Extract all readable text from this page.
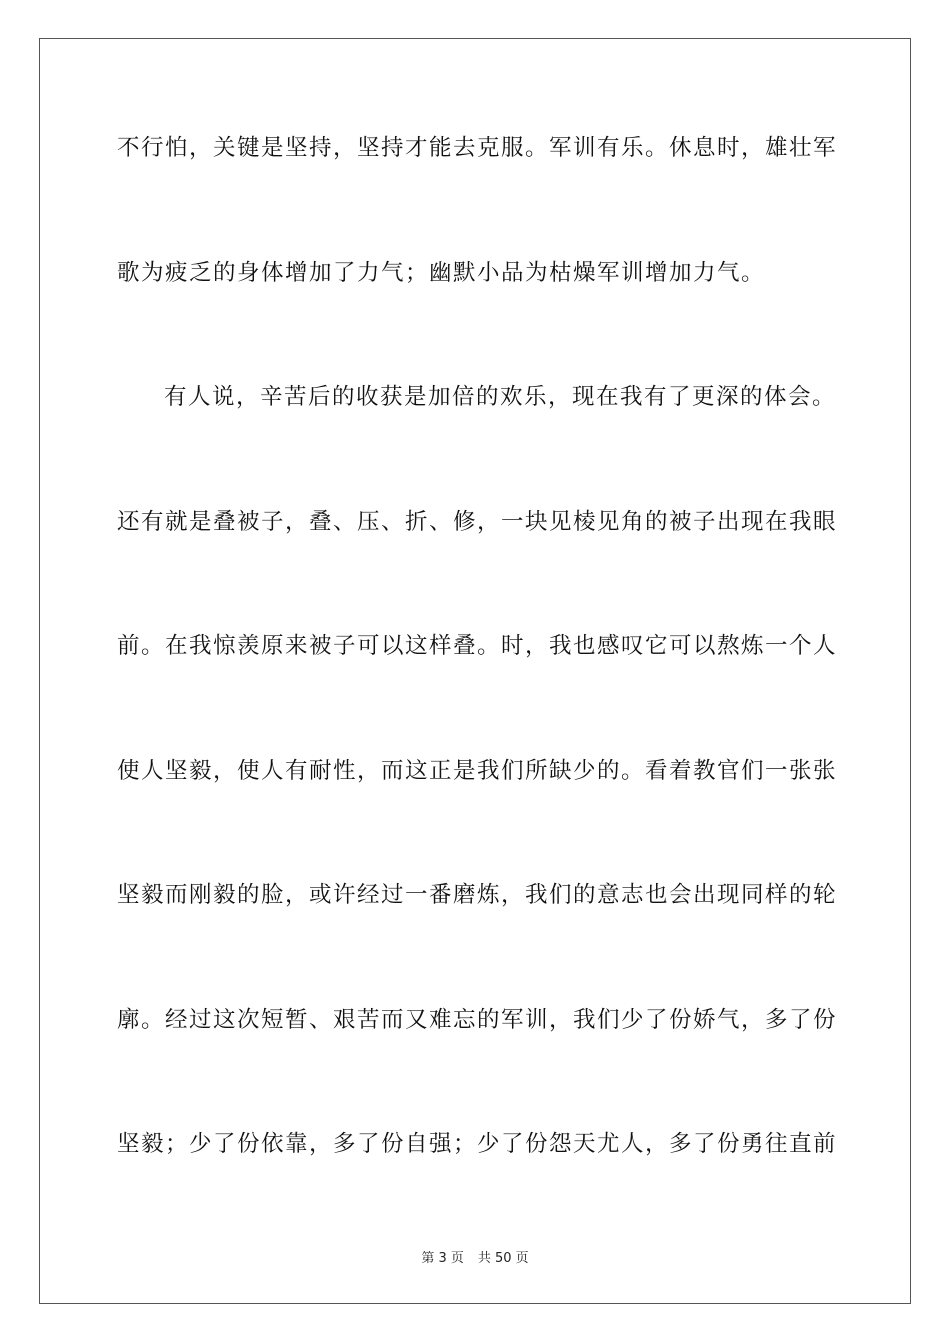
不行怕，关键是坚持，坚持才能去克服。军训有乐。休息时，雄壮军
歌为疲乏的身体增加了力气；幽默小品为枯燥军训增加力气。
有人说，辛苦后的收获是加倍的欢乐，现在我有了更深的体会。
还有就是叠被子，叠、压、折、修，一块见棱见角的被子出现在我眼
前。在我惊羡原来被子可以这样叠。时，我也感叹它可以熬炼一个人
使人坚毅，使人有耐性，而这正是我们所缺少的。看着教官们一张张
坚毅而刚毅的脸，或许经过一番磨炼，我们的意志也会出现同样的轮
廓。经过这次短暂、艰苦而又难忘的军训，我们少了份娇气，多了份
坚毅；少了份依靠，多了份自强；少了份怨天尤人，多了份勇往直前
第 3 页 共 50 页
